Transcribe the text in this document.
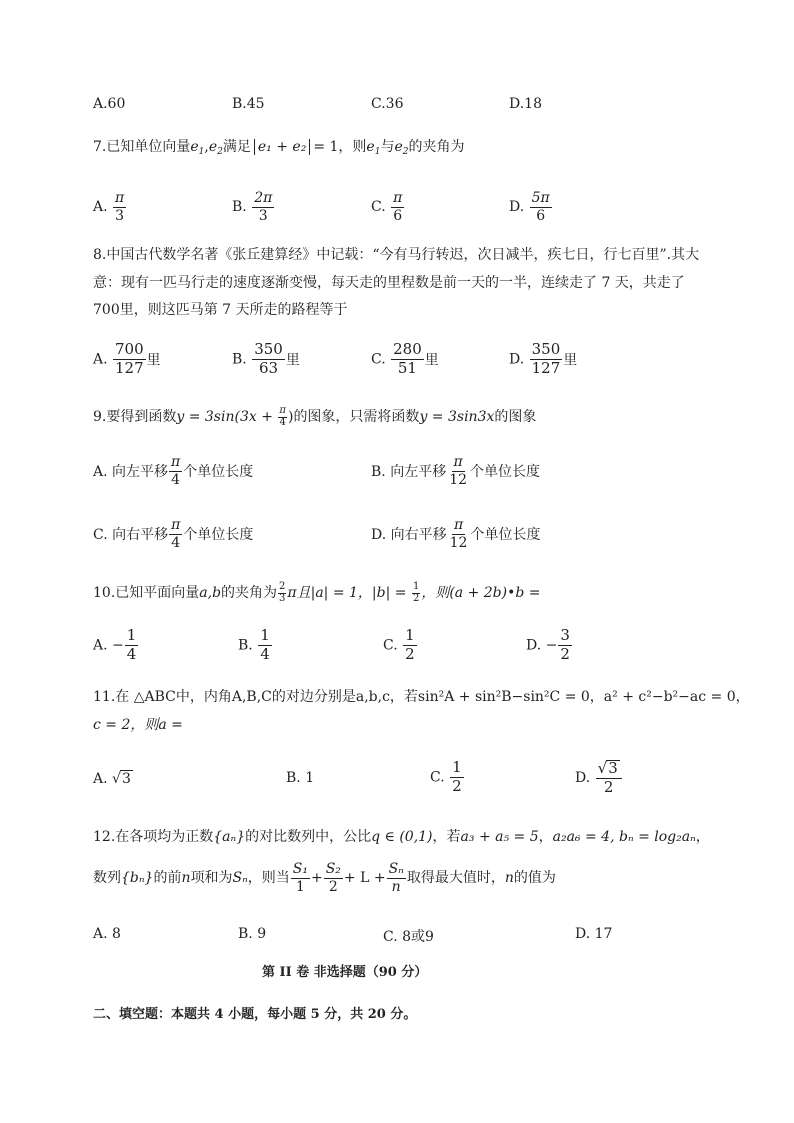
A.60	B.45	C.36	D.18
7.已知单位向量$e_1,e_2$满足 e₁ + e₂ = 1，则$e_1$与$e_2$的夹角为
A. $\frac{\pi}{3}$	B. $\frac{2\pi}{3}$	C. $\frac{\pi}{6}$	D. $\frac{5\pi}{6}$
8.中国古代数学名著《张丘建算经》中记载：“今有马行转迟，次日减半，疾七日，行七百里”.其大
意：现有一匹马行走的速度逐渐变慢，每天走的里程数是前一天的一半，连续走了 7 天，共走了
700里，则这匹马第 7 天所走的路程等于
A. $\frac{700}{127}$ 里	B. $\frac{350}{63}$ 里	C. $\frac{280}{51}$ 里	D. $\frac{350}{127}$ 里
9.要得到函数$y = 3\sin(3x + \frac{\pi}{4}$ )的图象，只需将函数y = 3sin3x的图象
A. 向左平移 $\frac{\pi}{4}$ 个单位长度	B. 向左平移 $\frac{\pi}{12}$ 个单位长度
C. 向右平移 $\frac{\pi}{4}$ 个单位长度	D. 向右平移 $\frac{\pi}{12}$ 个单位长度
10.已知平面向量a,b的夹角为 $\frac{2}{3}$ π且|a| = 1，$|b| = \frac{1}{2}$ ，则(a + 2b)•b =
A. − $\frac{1}{4}$	B. $\frac{1}{4}$	C. $\frac{1}{2}$	D. − $\frac{3}{2}$
11.在 △ABC中，内角A,B,C的对边分别是a,b,c，若sin²A + sin²B−sin²C = 0，a² + c²−b²−ac = 0，
c = 2，则a =
A. √3	B. 1	C. $\frac{1}{2}$	D. $\frac{√3}{2}$
12.在各项均为正数{aₙ}的对比数列中，公比q ∈ (0,1)，若a₃ + a₅ = 5，a₂a₆ = 4, bₙ = log₂aₙ，
数列{bₙ}的前n项和为Sₙ，则当 $\frac{\text{S₁}}{1} + \frac{\text{S₂}}{2} + L + \frac{\text{Sₙ}}{n}$ 取得最大值时，n的值为
A. 8	B. 9	C. 8或9	D. 17
第 II 卷 非选择题（90 分）
二、填空题：本题共 4 小题，每小题 5 分，共 20 分。
